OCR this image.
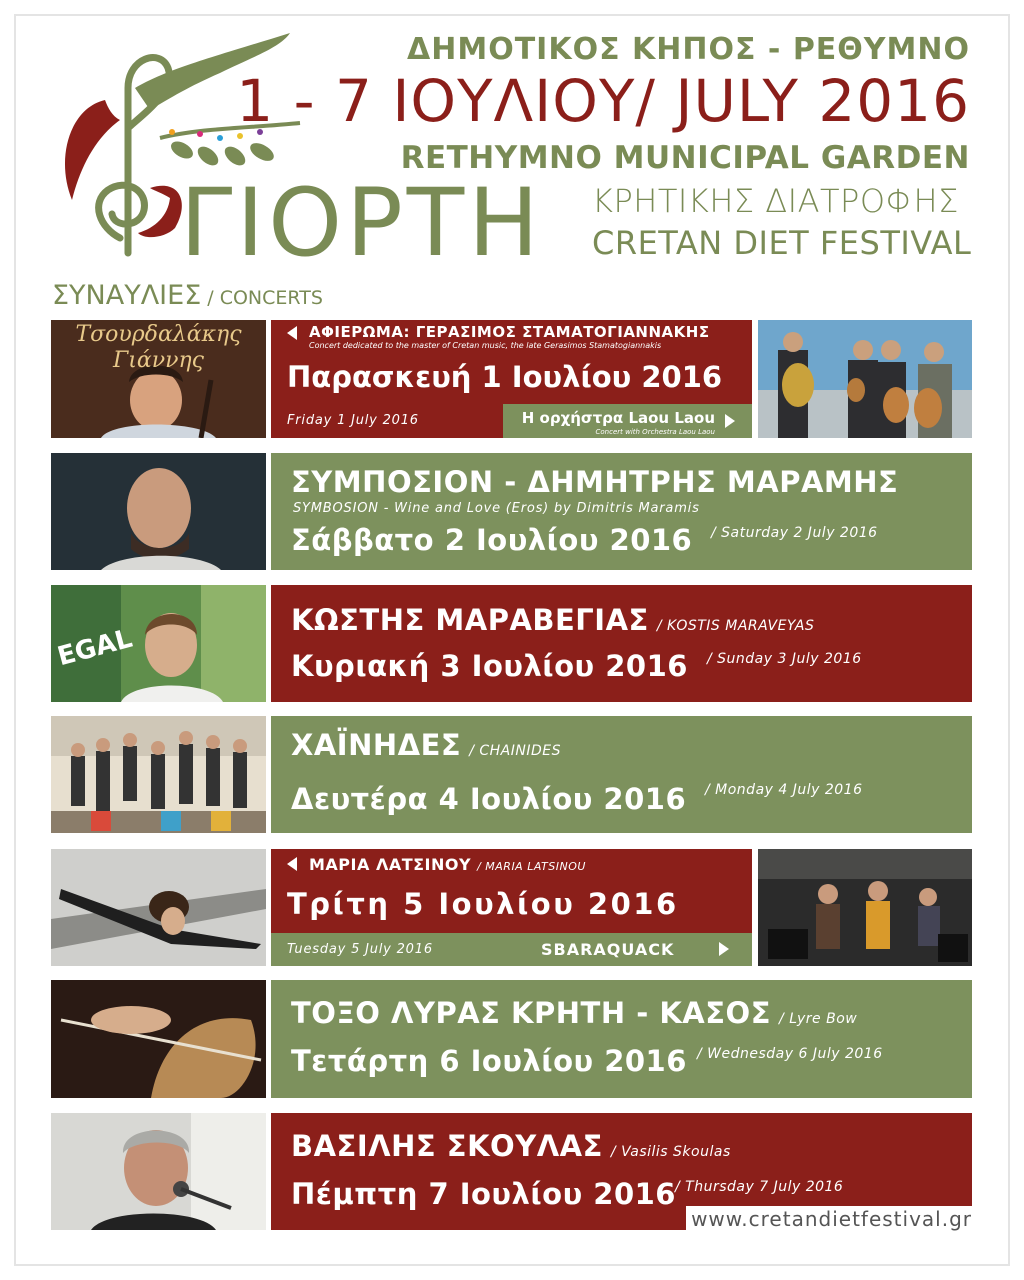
ΔΗΜΟΤΙΚΟΣ ΚΗΠΟΣ - ΡΕΘΥΜΝΟ
1 - 7 ΙΟΥΛΙΟΥ/ JULY 2016
RETHYMNO MUNICIPAL GARDEN
ΓΙΟΡΤΗ ΚΡΗΤΙΚΗΣ ΔΙΑΤΡΟΦΗΣ
CRETAN DIET FESTIVAL
ΣΥΝΑΥΛΙΕΣ / CONCERTS
Τσουρδαλάκης Γιάννης
ΑΦΙΕΡΩΜΑ: ΓΕΡΑΣΙΜΟΣ ΣΤΑΜΑΤΟΓΙΑΝΝΑΚΗΣ
Concert dedicated to the master of Cretan music, the late Gerasimos Stamatogiannakis
Παρασκευή 1 Ιουλίου 2016
Friday 1 July 2016	Η ορχήστρα Laou Laou
Concert with Orchestra Laou Laou
ΣΥΜΠΟΣΙΟΝ - ΔΗΜΗΤΡΗΣ ΜΑΡΑΜΗΣ
SYMBOSION - Wine and Love (Eros) by Dimitris Maramis
Σάββατο 2 Ιουλίου 2016 / Saturday 2 July 2016
EGAL
ΚΩΣΤΗΣ ΜΑΡΑΒΕΓΙΑΣ / KOSTIS MARAVEYAS
Κυριακή 3 Ιουλίου 2016 / Sunday 3 July 2016
ΧΑΪΝΗΔΕΣ / CHAINIDES
Δευτέρα 4 Ιουλίου 2016 / Monday 4 July 2016
ΜΑΡΙΑ ΛΑΤΣΙΝΟΥ / MARIA LATSINOU
Τρίτη 5 Ιουλίου 2016
Tuesday 5 July 2016	SBARAQUACK
ΤΟΞΟ ΛΥΡΑΣ ΚΡΗΤΗ - ΚΑΣΟΣ / Lyre Bow
Τετάρτη 6 Ιουλίου 2016 / Wednesday 6 July 2016
ΒΑΣΙΛΗΣ ΣΚΟΥΛΑΣ / Vasilis Skoulas
Πέμπτη 7 Ιουλίου 2016 / Thursday 7 July 2016
www.cretandietfestival.gr
